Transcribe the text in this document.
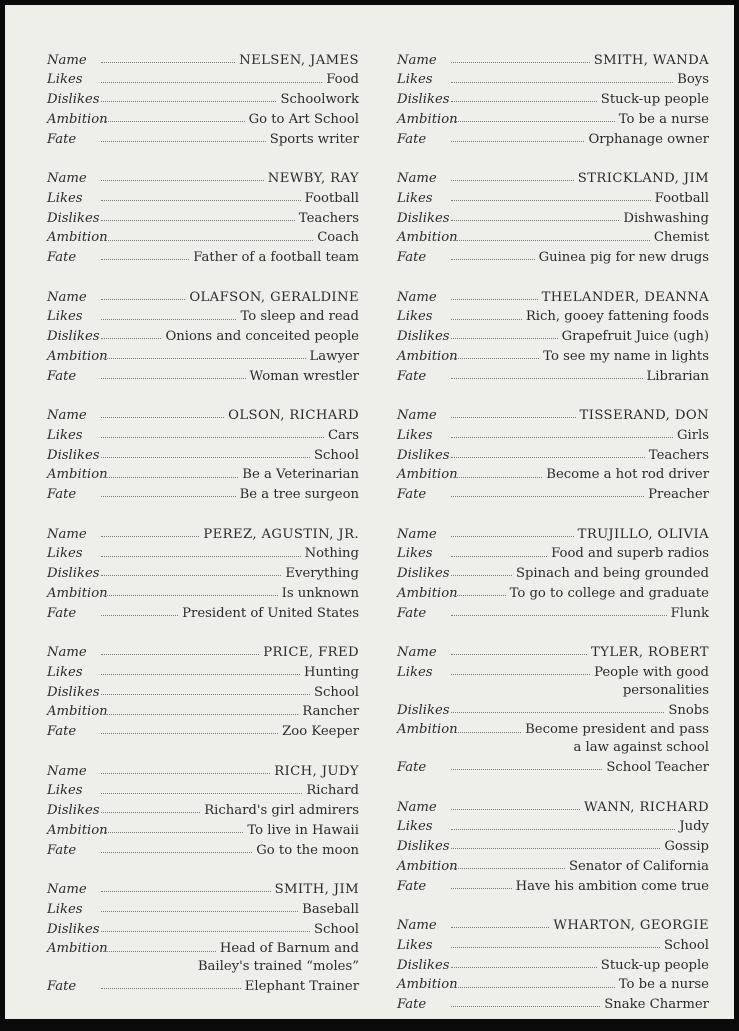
Name	NELSEN, JAMES
Likes	Food
Dislikes	Schoolwork
Ambition	Go to Art School
Fate	Sports writer
Name	NEWBY, RAY
Likes	Football
Dislikes	Teachers
Ambition	Coach
Fate	Father of a football team
Name	OLAFSON, GERALDINE
Likes	To sleep and read
Dislikes	Onions and conceited people
Ambition	Lawyer
Fate	Woman wrestler
Name	OLSON, RICHARD
Likes	Cars
Dislikes	School
Ambition	Be a Veterinarian
Fate	Be a tree surgeon
Name	PEREZ, AGUSTIN, JR.
Likes	Nothing
Dislikes	Everything
Ambition	Is unknown
Fate	President of United States
Name	PRICE, FRED
Likes	Hunting
Dislikes	School
Ambition	Rancher
Fate	Zoo Keeper
Name	RICH, JUDY
Likes	Richard
Dislikes	Richard's girl admirers
Ambition	To live in Hawaii
Fate	Go to the moon
Name	SMITH, JIM
Likes	Baseball
Dislikes	School
Ambition	Head of Barnum and
Bailey's trained “moles”
Fate	Elephant Trainer
Name	SMITH, WANDA
Likes	Boys
Dislikes	Stuck-up people
Ambition	To be a nurse
Fate	Orphanage owner
Name	STRICKLAND, JIM
Likes	Football
Dislikes	Dishwashing
Ambition	Chemist
Fate	Guinea pig for new drugs
Name	THELANDER, DEANNA
Likes	Rich, gooey fattening foods
Dislikes	Grapefruit Juice (ugh)
Ambition	To see my name in lights
Fate	Librarian
Name	TISSERAND, DON
Likes	Girls
Dislikes	Teachers
Ambition	Become a hot rod driver
Fate	Preacher
Name	TRUJILLO, OLIVIA
Likes	Food and superb radios
Dislikes	Spinach and being grounded
Ambition	To go to college and graduate
Fate	Flunk
Name	TYLER, ROBERT
Likes	People with good
personalities
Dislikes	Snobs
Ambition	Become president and pass
a law against school
Fate	School Teacher
Name	WANN, RICHARD
Likes	Judy
Dislikes	Gossip
Ambition	Senator of California
Fate	Have his ambition come true
Name	WHARTON, GEORGIE
Likes	School
Dislikes	Stuck-up people
Ambition	To be a nurse
Fate	Snake Charmer
